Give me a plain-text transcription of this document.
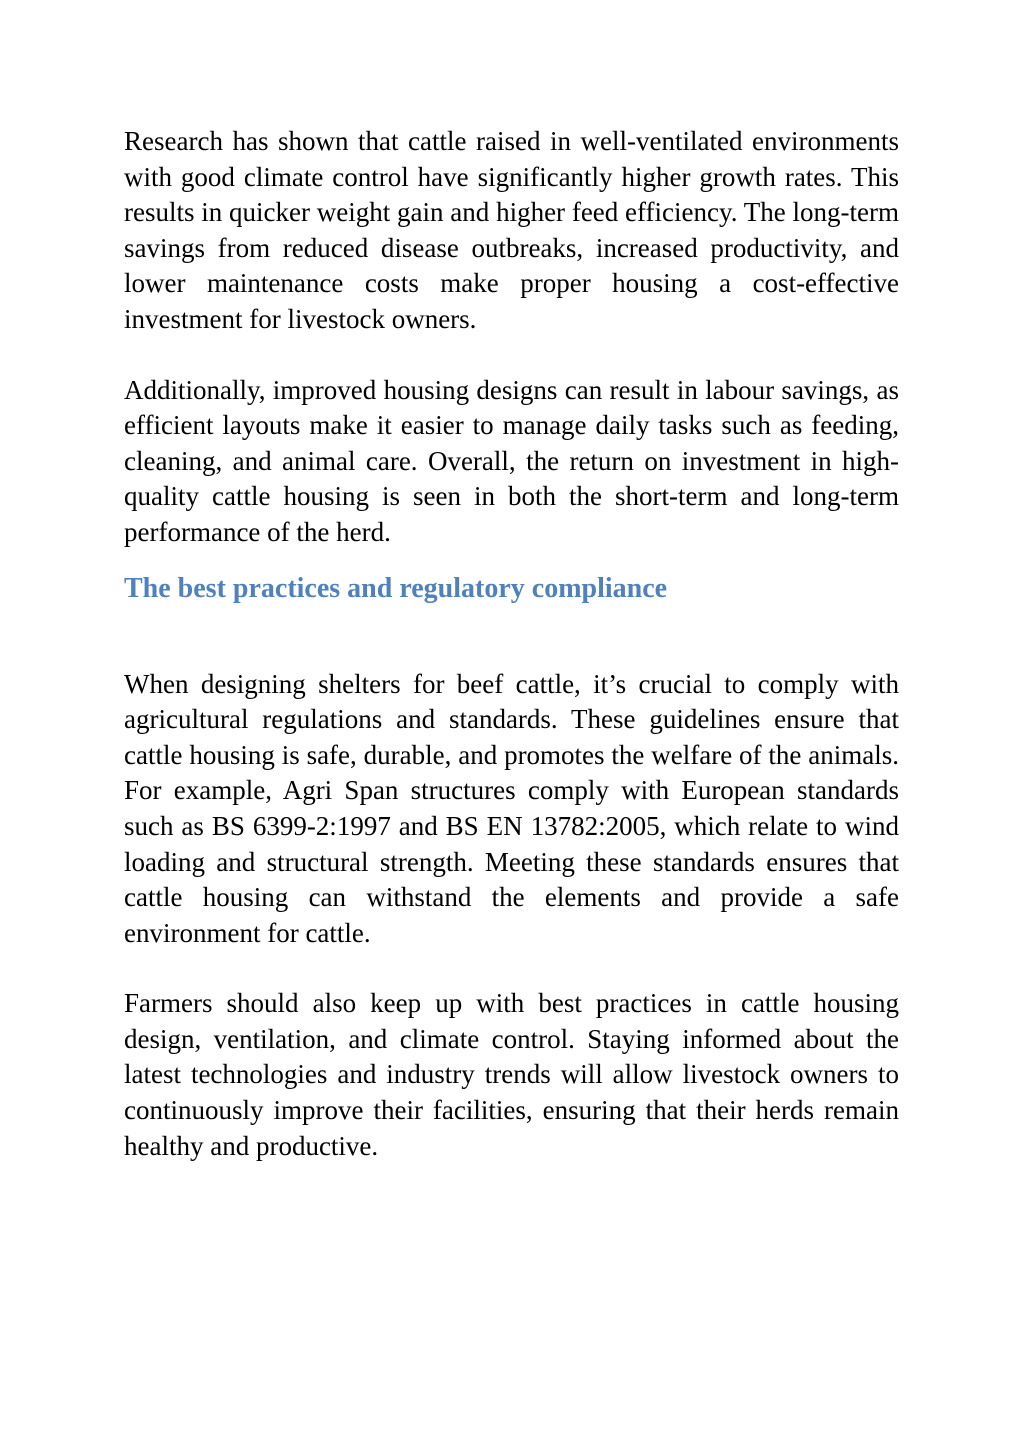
Research has shown that cattle raised in well-ventilated environments with good climate control have significantly higher growth rates. This results in quicker weight gain and higher feed efficiency. The long-term savings from reduced disease outbreaks, increased productivity, and lower maintenance costs make proper housing a cost-effective investment for livestock owners.

Additionally, improved housing designs can result in labour savings, as efficient layouts make it easier to manage daily tasks such as feeding, cleaning, and animal care. Overall, the return on investment in high-quality cattle housing is seen in both the short-term and long-term performance of the herd.

The best practices and regulatory compliance

When designing shelters for beef cattle, it’s crucial to comply with agricultural regulations and standards. These guidelines ensure that cattle housing is safe, durable, and promotes the welfare of the animals. For example, Agri Span structures comply with European standards such as BS 6399-2:1997 and BS EN 13782:2005, which relate to wind loading and structural strength. Meeting these standards ensures that cattle housing can withstand the elements and provide a safe environment for cattle.

Farmers should also keep up with best practices in cattle housing design, ventilation, and climate control. Staying informed about the latest technologies and industry trends will allow livestock owners to continuously improve their facilities, ensuring that their herds remain healthy and productive.
